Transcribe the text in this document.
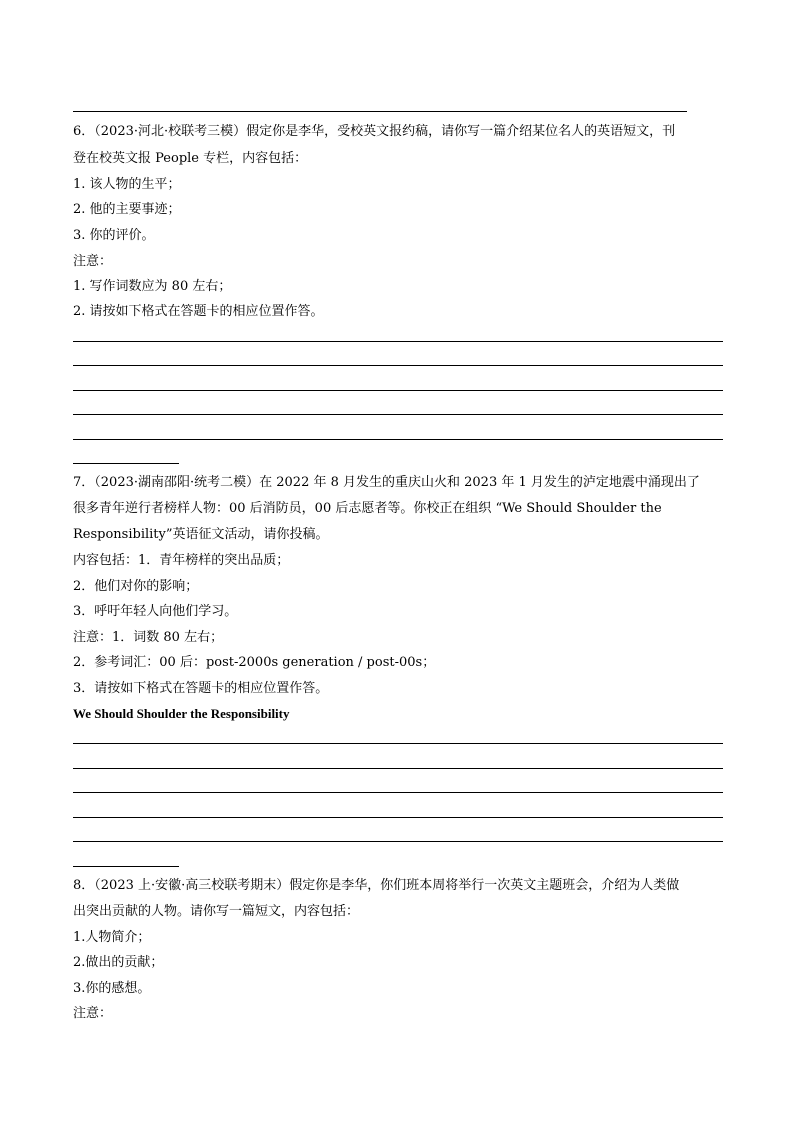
6．（2023·河北·校联考三模）假定你是李华，受校英文报约稿，请你写一篇介绍某位名人的英语短文，刊
登在校英文报 People 专栏，内容包括：
1. 该人物的生平；
2. 他的主要事迹；
3. 你的评价。
注意：
1. 写作词数应为 80 左右；
2. 请按如下格式在答题卡的相应位置作答。
7．（2023·湖南邵阳·统考二模）在 2022 年 8 月发生的重庆山火和 2023 年 1 月发生的泸定地震中涌现出了
很多青年逆行者榜样人物：00 后消防员，00 后志愿者等。你校正在组织 “We Should Shoulder the
Responsibility”英语征文活动，请你投稿。
内容包括：1．青年榜样的突出品质；
2．他们对你的影响；
3．呼吁年轻人向他们学习。
注意：1．词数 80 左右；
2．参考词汇：00 后：post-2000s generation / post-00s；
3．请按如下格式在答题卡的相应位置作答。
We Should Shoulder the Responsibility
8．（2023 上·安徽·高三校联考期末）假定你是李华，你们班本周将举行一次英文主题班会，介绍为人类做
出突出贡献的人物。请你写一篇短文，内容包括：
1.人物简介；
2.做出的贡献；
3.你的感想。
注意：
